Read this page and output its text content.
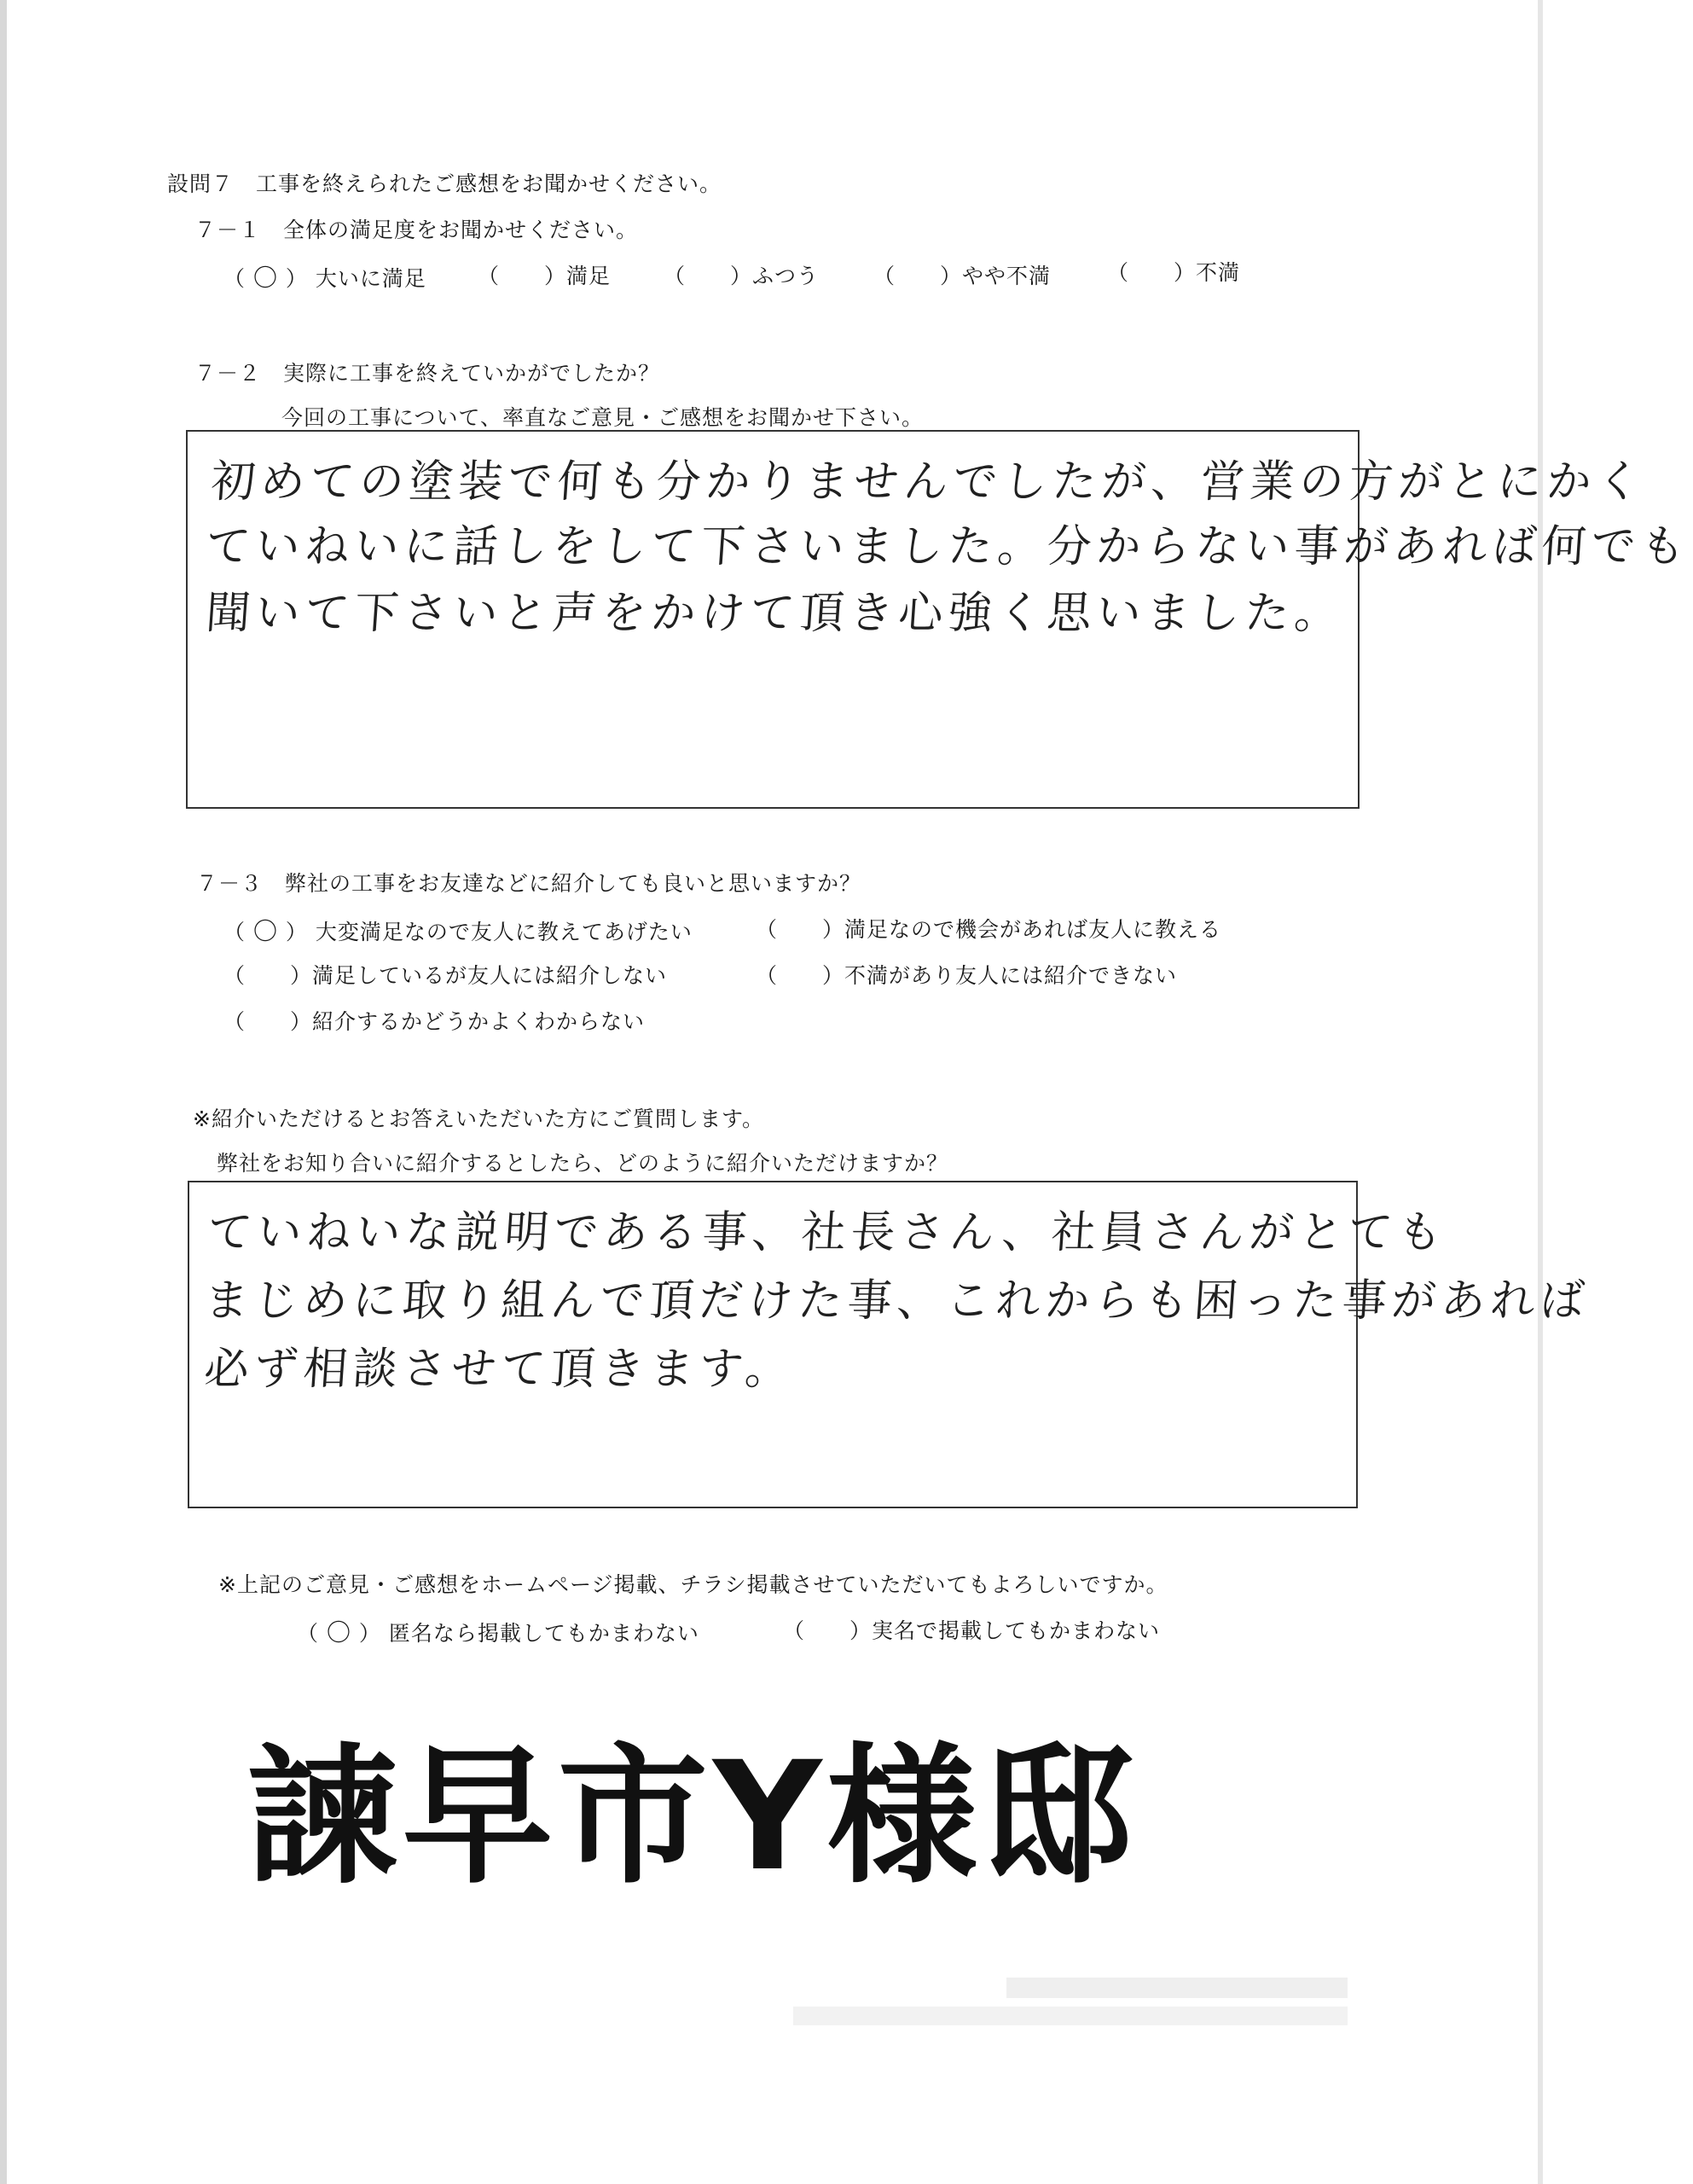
設問７　工事を終えられたご感想をお聞かせください。
７－１　全体の満足度をお聞かせください。
（ 〇 ） 大いに満足 （　　）満足 （　　）ふつう	（　　）やや不満	（　　）不満
７－２　実際に工事を終えていかがでしたか？
今回の工事について、率直なご意見・ご感想をお聞かせ下さい。
初めての塗装で何も分かりませんでしたが、営業の方がとにかく
ていねいに話しをして下さいました。分からない事があれば何でも
聞いて下さいと声をかけて頂き心強く思いました。
７－３　弊社の工事をお友達などに紹介しても良いと思いますか？
（ 〇 ） 大変満足なので友人に教えてあげたい	（　　）満足なので機会があれば友人に教える
（　　）満足しているが友人には紹介しない	（　　）不満があり友人には紹介できない
（　　）紹介するかどうかよくわからない
※紹介いただけるとお答えいただいた方にご質問します。
弊社をお知り合いに紹介するとしたら、どのように紹介いただけますか？
ていねいな説明である事、社長さん、社員さんがとても
まじめに取り組んで頂だけた事、これからも困った事があれば
必ず相談させて頂きます。
※上記のご意見・ご感想をホームページ掲載、チラシ掲載させていただいてもよろしいですか。
（ 〇 ） 匿名なら掲載してもかまわない	（　　）実名で掲載してもかまわない
諫早市Y様邸
